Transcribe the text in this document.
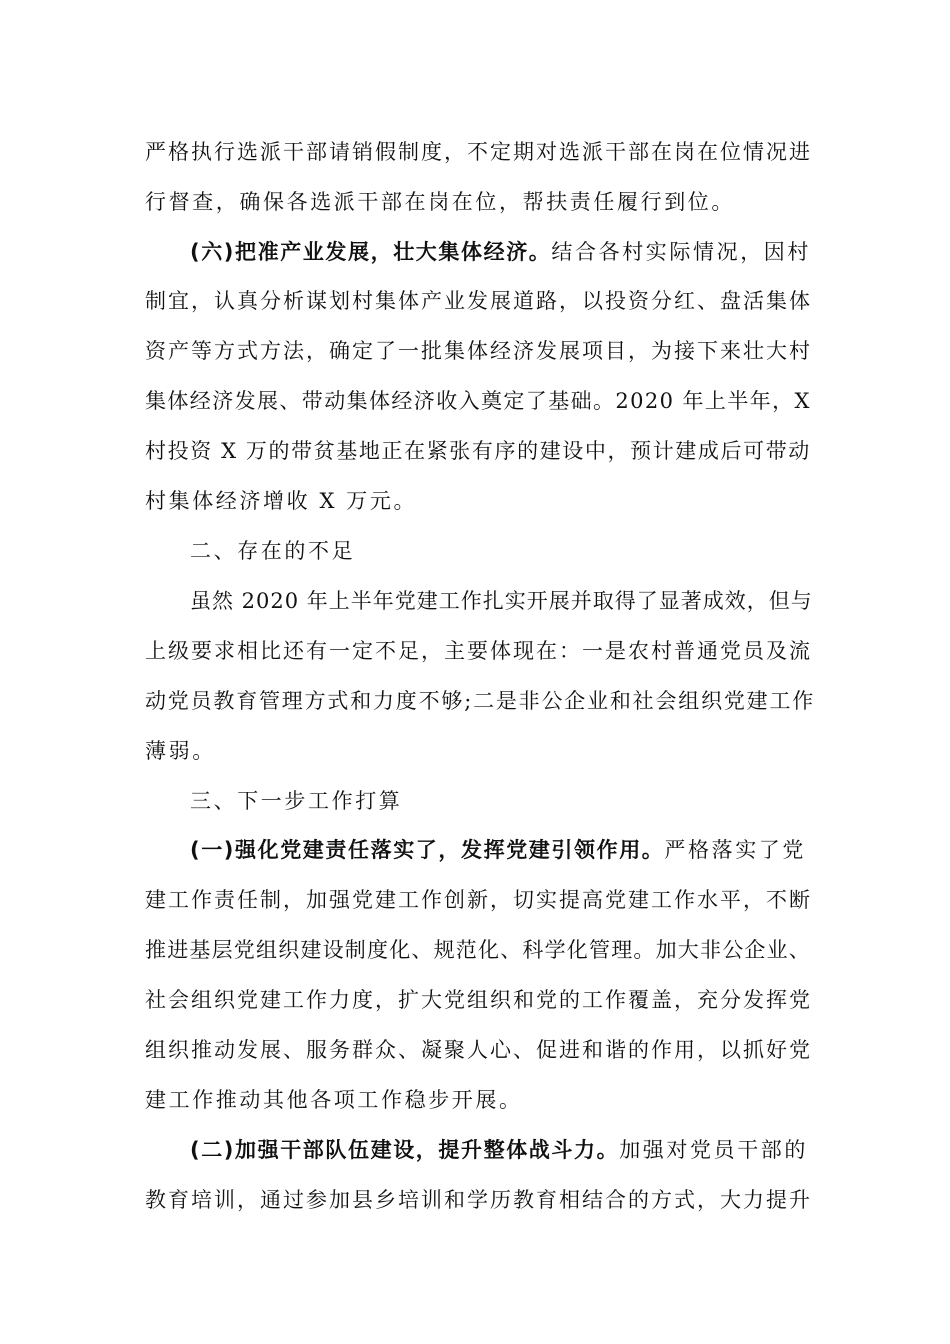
严格执行选派干部请销假制度，不定期对选派干部在岗在位情况进
行督查，确保各选派干部在岗在位，帮扶责任履行到位。
(六)把准产业发展，壮大集体经济。结合各村实际情况，因村
制宜，认真分析谋划村集体产业发展道路，以投资分红、盘活集体
资产等方式方法，确定了一批集体经济发展项目，为接下来壮大村
集体经济发展、带动集体经济收入奠定了基础。2020 年上半年，X
村投资 X 万的带贫基地正在紧张有序的建设中，预计建成后可带动
村集体经济增收 X 万元。
二、存在的不足
虽然 2020 年上半年党建工作扎实开展并取得了显著成效，但与
上级要求相比还有一定不足，主要体现在：一是农村普通党员及流
动党员教育管理方式和力度不够;二是非公企业和社会组织党建工作
薄弱。
三、下一步工作打算
(一)强化党建责任落实了，发挥党建引领作用。严格落实了党
建工作责任制，加强党建工作创新，切实提高党建工作水平，不断
推进基层党组织建设制度化、规范化、科学化管理。加大非公企业、
社会组织党建工作力度，扩大党组织和党的工作覆盖，充分发挥党
组织推动发展、服务群众、凝聚人心、促进和谐的作用，以抓好党
建工作推动其他各项工作稳步开展。
(二)加强干部队伍建设，提升整体战斗力。加强对党员干部的
教育培训，通过参加县乡培训和学历教育相结合的方式，大力提升
